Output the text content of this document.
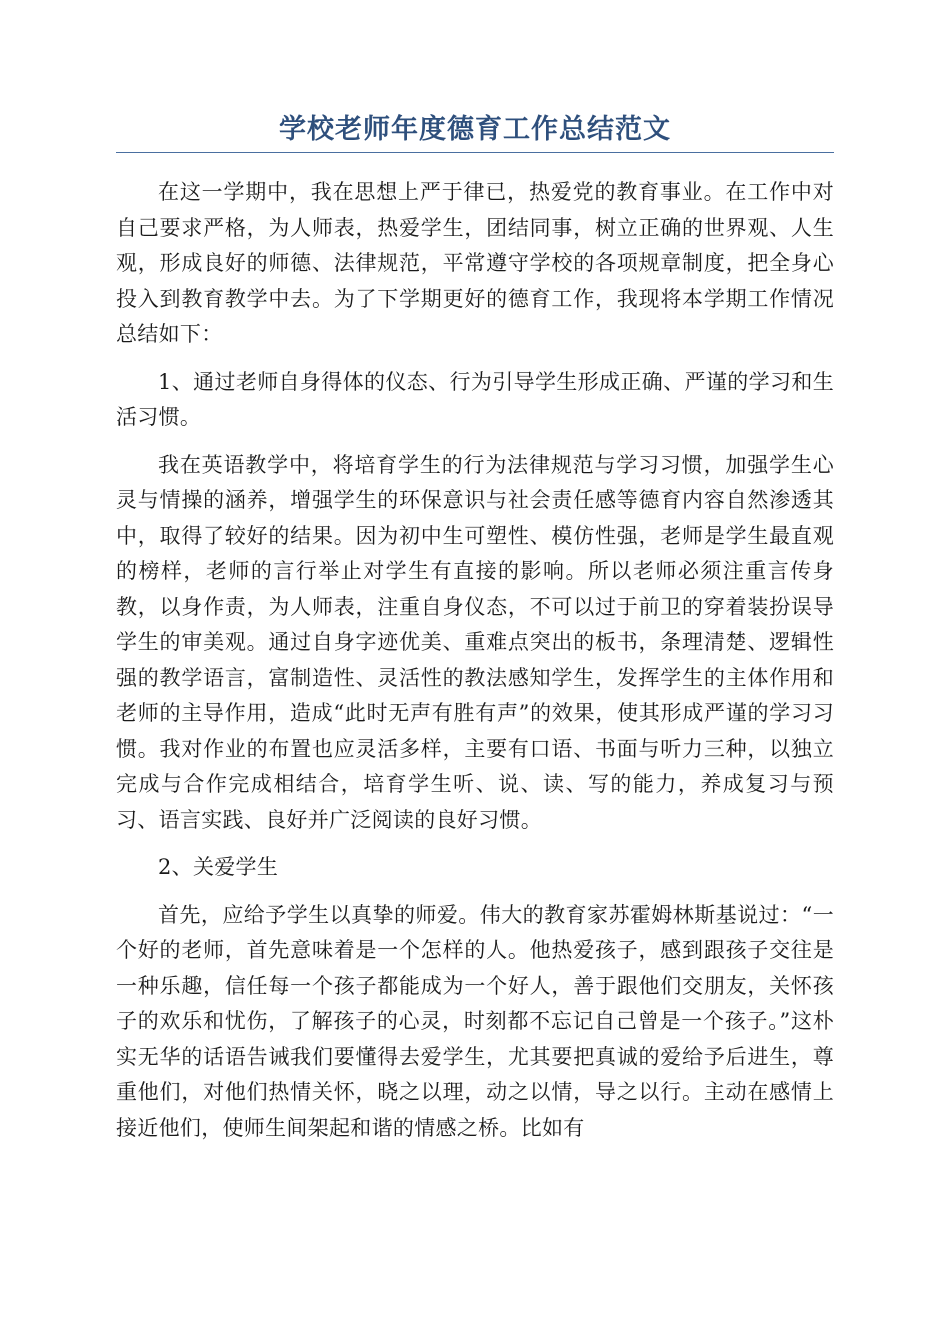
学校老师年度德育工作总结范文

在这一学期中，我在思想上严于律已，热爱党的教育事业。在工作中对自己要求严格，为人师表，热爱学生，团结同事，树立正确的世界观、人生观，形成良好的师德、法律规范，平常遵守学校的各项规章制度，把全身心投入到教育教学中去。为了下学期更好的德育工作，我现将本学期工作情况总结如下：

1、通过老师自身得体的仪态、行为引导学生形成正确、严谨的学习和生活习惯。

我在英语教学中，将培育学生的行为法律规范与学习习惯，加强学生心灵与情操的涵养，增强学生的环保意识与社会责任感等德育内容自然渗透其中，取得了较好的结果。因为初中生可塑性、模仿性强，老师是学生最直观的榜样，老师的言行举止对学生有直接的影响。所以老师必须注重言传身教，以身作责，为人师表，注重自身仪态，不可以过于前卫的穿着装扮误导学生的审美观。通过自身字迹优美、重难点突出的板书，条理清楚、逻辑性强的教学语言，富制造性、灵活性的教法感知学生，发挥学生的主体作用和老师的主导作用，造成“此时无声有胜有声”的效果，使其形成严谨的学习习惯。我对作业的布置也应灵活多样，主要有口语、书面与听力三种，以独立完成与合作完成相结合，培育学生听、说、读、写的能力，养成复习与预习、语言实践、良好并广泛阅读的良好习惯。

2、关爱学生

首先，应给予学生以真挚的师爱。伟大的教育家苏霍姆林斯基说过：“一个好的老师，首先意味着是一个怎样的人。他热爱孩子，感到跟孩子交往是一种乐趣，信任每一个孩子都能成为一个好人，善于跟他们交朋友，关怀孩子的欢乐和忧伤，了解孩子的心灵，时刻都不忘记自己曾是一个孩子。”这朴实无华的话语告诫我们要懂得去爱学生，尤其要把真诚的爱给予后进生，尊重他们，对他们热情关怀，晓之以理，动之以情，导之以行。主动在感情上接近他们，使师生间架起和谐的情感之桥。比如有
